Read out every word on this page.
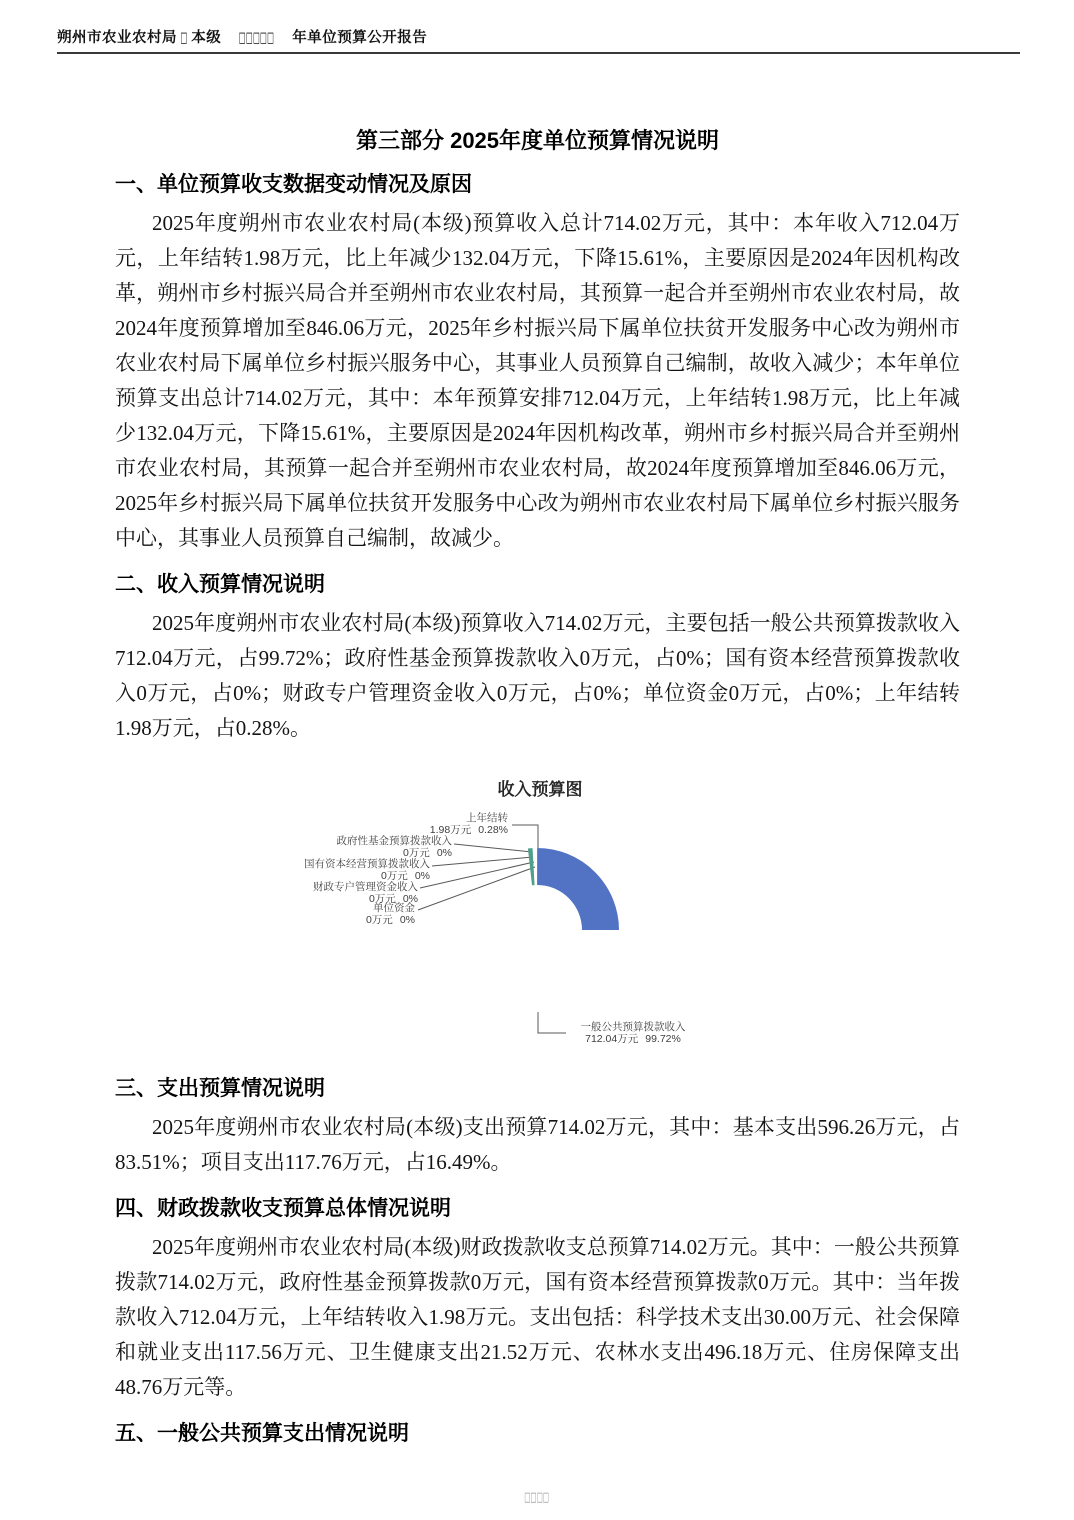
朔州市农业农村局 □ 本级 □□□□□ 年单位预算公开报告
第三部分 2025年度单位预算情况说明
一、单位预算收支数据变动情况及原因

2025年度朔州市农业农村局(本级)预算收入总计714.02万元，其中：本年收入712.04万元，上年结转1.98万元，比上年减少132.04万元，下降15.61%，主要原因是2024年因机构改革，朔州市乡村振兴局合并至朔州市农业农村局，其预算一起合并至朔州市农业农村局，故2024年度预算增加至846.06万元，2025年乡村振兴局下属单位扶贫开发服务中心改为朔州市农业农村局下属单位乡村振兴服务中心，其事业人员预算自己编制，故收入减少；本年单位预算支出总计714.02万元，其中：本年预算安排712.04万元，上年结转1.98万元，比上年减少132.04万元，下降15.61%，主要原因是2024年因机构改革，朔州市乡村振兴局合并至朔州市农业农村局，其预算一起合并至朔州市农业农村局，故2024年度预算增加至846.06万元，2025年乡村振兴局下属单位扶贫开发服务中心改为朔州市农业农村局下属单位乡村振兴服务中心，其事业人员预算自己编制，故减少。

二、收入预算情况说明

2025年度朔州市农业农村局(本级)预算收入714.02万元，主要包括一般公共预算拨款收入712.04万元，占99.72%；政府性基金预算拨款收入0万元，占0%；国有资本经营预算拨款收入0万元，占0%；财政专户管理资金收入0万元，占0%；单位资金0万元，占0%；上年结转1.98万元，占0.28%。

收入预算图
上年结转
1.98万元 0.28%
政府性基金预算拨款收入
0万元 0%
国有资本经营预算拨款收入
0万元 0%
财政专户管理资金收入
0万元 0%
单位资金
0万元 0%
一般公共预算拨款收入
712.04万元 99.72%
三、支出预算情况说明

2025年度朔州市农业农村局(本级)支出预算714.02万元，其中：基本支出596.26万元，占83.51%；项目支出117.76万元，占16.49%。

四、财政拨款收支预算总体情况说明

2025年度朔州市农业农村局(本级)财政拨款收支总预算714.02万元。其中：一般公共预算拨款714.02万元，政府性基金预算拨款0万元，国有资本经营预算拨款0万元。其中：当年拨款收入712.04万元，上年结转收入1.98万元。支出包括：科学技术支出30.00万元、社会保障和就业支出117.56万元、卫生健康支出21.52万元、农林水支出496.18万元、住房保障支出48.76万元等。

五、一般公共预算支出情况说明
□□□□
